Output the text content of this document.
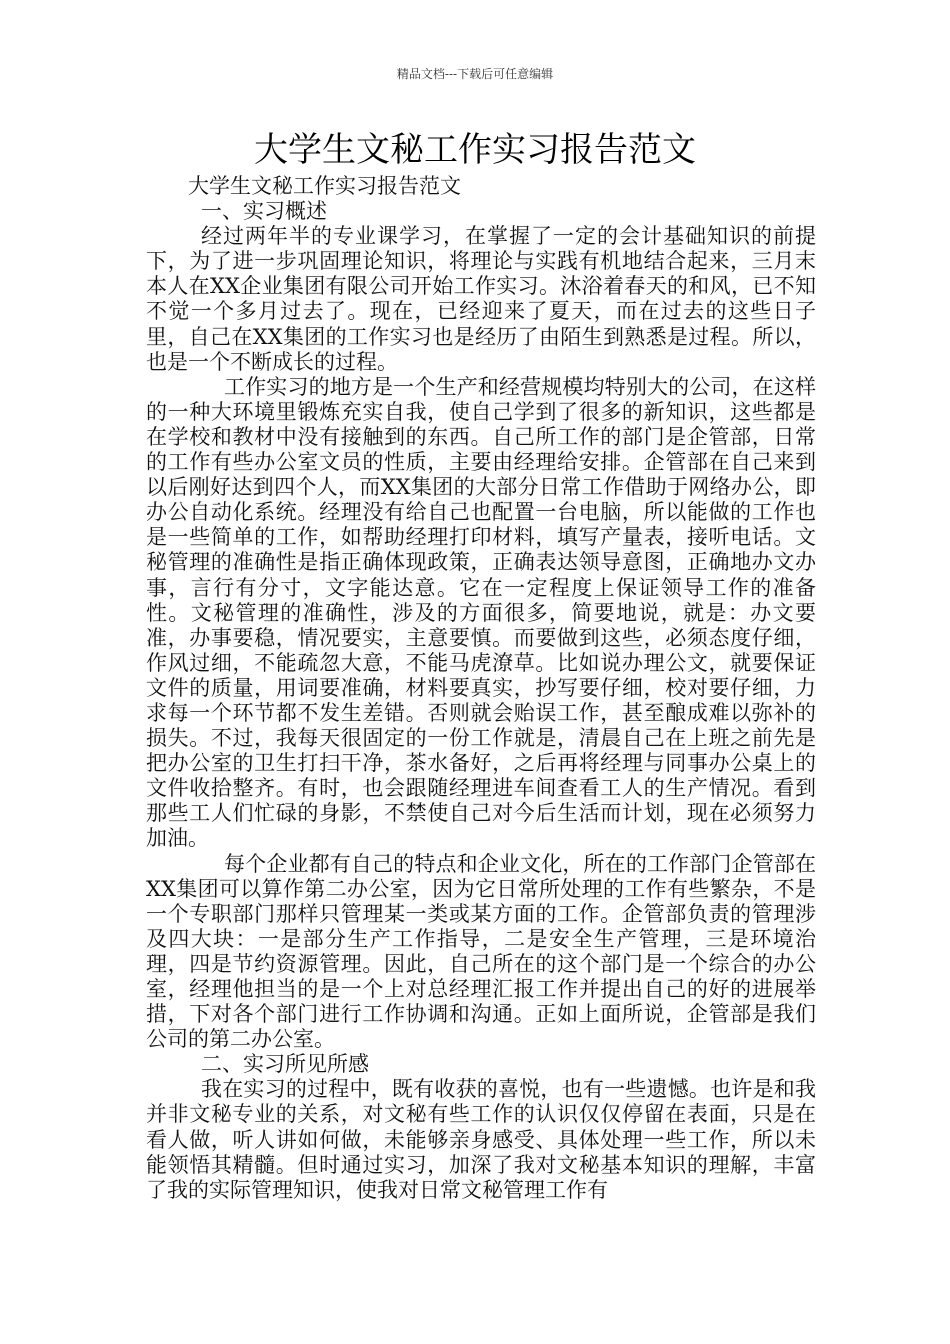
精品文档---下载后可任意编辑
大学生文秘工作实习报告范文

大学生文秘工作实习报告范文

一、实习概述

经过两年半的专业课学习，在掌握了一定的会计基础知识的前提下，为了进一步巩固理论知识，将理论与实践有机地结合起来，三月末本人在XX企业集团有限公司开始工作实习。沐浴着春天的和风，已不知不觉一个多月过去了。现在，已经迎来了夏天，而在过去的这些日子里，自己在XX集团的工作实习也是经历了由陌生到熟悉是过程。所以，也是一个不断成长的过程。

工作实习的地方是一个生产和经营规模均特别大的公司，在这样的一种大环境里锻炼充实自我，使自己学到了很多的新知识，这些都是在学校和教材中没有接触到的东西。自己所工作的部门是企管部，日常的工作有些办公室文员的性质，主要由经理给安排。企管部在自己来到以后刚好达到四个人，而XX集团的大部分日常工作借助于网络办公，即办公自动化系统。经理没有给自己也配置一台电脑，所以能做的工作也是一些简单的工作，如帮助经理打印材料，填写产量表，接听电话。文秘管理的准确性是指正确体现政策，正确表达领导意图，正确地办文办事，言行有分寸，文字能达意。它在一定程度上保证领导工作的准备性。文秘管理的准确性，涉及的方面很多，简要地说，就是：办文要准，办事要稳，情况要实，主意要慎。而要做到这些，必须态度仔细，作风过细，不能疏忽大意，不能马虎潦草。比如说办理公文，就要保证文件的质量，用词要准确，材料要真实，抄写要仔细，校对要仔细，力求每一个环节都不发生差错。否则就会贻误工作，甚至酿成难以弥补的损失。不过，我每天很固定的一份工作就是，清晨自己在上班之前先是把办公室的卫生打扫干净，茶水备好，之后再将经理与同事办公桌上的文件收拾整齐。有时，也会跟随经理进车间查看工人的生产情况。看到那些工人们忙碌的身影，不禁使自己对今后生活而计划，现在必须努力加油。

每个企业都有自己的特点和企业文化，所在的工作部门企管部在XX集团可以算作第二办公室，因为它日常所处理的工作有些繁杂，不是一个专职部门那样只管理某一类或某方面的工作。企管部负责的管理涉及四大块：一是部分生产工作指导，二是安全生产管理，三是环境治理，四是节约资源管理。因此，自己所在的这个部门是一个综合的办公室，经理他担当的是一个上对总经理汇报工作并提出自己的好的进展举措，下对各个部门进行工作协调和沟通。正如上面所说，企管部是我们公司的第二办公室。

二、实习所见所感

我在实习的过程中，既有收获的喜悦，也有一些遗憾。也许是和我并非文秘专业的关系，对文秘有些工作的认识仅仅停留在表面，只是在看人做，听人讲如何做，未能够亲身感受、具体处理一些工作，所以未能领悟其精髓。但时通过实习，加深了我对文秘基本知识的理解，丰富了我的实际管理知识，使我对日常文秘管理工作有
